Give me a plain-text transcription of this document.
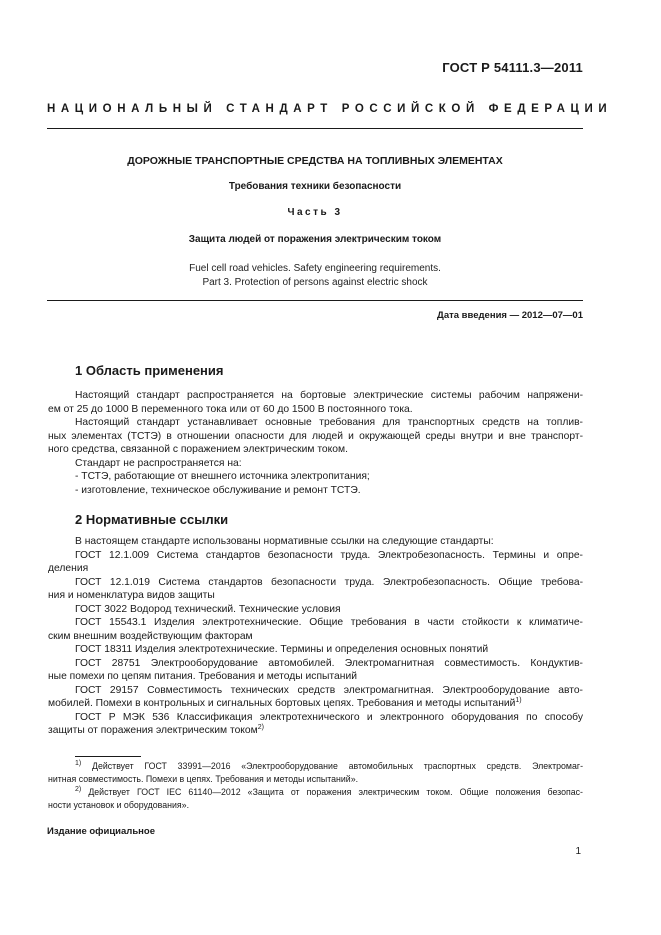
ГОСТ Р 54111.3—2011
НАЦИОНАЛЬНЫЙ СТАНДАРТ РОССИЙСКОЙ ФЕДЕРАЦИИ
ДОРОЖНЫЕ ТРАНСПОРТНЫЕ СРЕДСТВА НА ТОПЛИВНЫХ ЭЛЕМЕНТАХ
Требования техники безопасности
Часть 3
Защита людей от поражения электрическим током
Fuel cell road vehicles. Safety engineering requirements.
Part 3. Protection of persons against electric shock
Дата введения — 2012—07—01
1 Область применения
Настоящий стандарт распространяется на бортовые электрические системы рабочим напряжени-
ем от 25 до 1000 В переменного тока или от 60 до 1500 В постоянного тока.
Настоящий стандарт устанавливает основные требования для транспортных средств на топлив-
ных элементах (ТСТЭ) в отношении опасности для людей и окружающей среды внутри и вне транспорт-
ного средства, связанной с поражением электрическим током.
Стандарт не распространяется на:
- ТСТЭ, работающие от внешнего источника электропитания;
- изготовление, техническое обслуживание и ремонт ТСТЭ.
2 Нормативные ссылки
В настоящем стандарте использованы нормативные ссылки на следующие стандарты:
ГОСТ 12.1.009 Система стандартов безопасности труда. Электробезопасность. Термины и опре-
деления
ГОСТ 12.1.019 Система стандартов безопасности труда. Электробезопасность. Общие требова-
ния и номенклатура видов защиты
ГОСТ 3022 Водород технический. Технические условия
ГОСТ 15543.1 Изделия электротехнические. Общие требования в части стойкости к климатиче-
ским внешним воздействующим факторам
ГОСТ 18311 Изделия электротехнические. Термины и определения основных понятий
ГОСТ 28751 Электрооборудование автомобилей. Электромагнитная совместимость. Кондуктив-
ные помехи по цепям питания. Требования и методы испытаний
ГОСТ 29157 Совместимость технических средств электромагнитная. Электрооборудование авто-
мобилей. Помехи в контрольных и сигнальных бортовых цепях. Требования и методы испытаний$^{1)}$
ГОСТ Р МЭК 536 Классификация электротехнического и электронного оборудования по способу
защиты от поражения электрическим током$^{2)}$
$^{1)}$ Действует ГОСТ 33991—2016 «Электрооборудование автомобильных траспортных средств. Электромаг-
нитная совместимость. Помехи в цепях. Требования и методы испытаний».
$^{2)}$ Действует ГОСТ IEC 61140—2012 «Защита от поражения электрическим током. Общие положения безопас-
ности установок и оборудования».
Издание официальное
1
